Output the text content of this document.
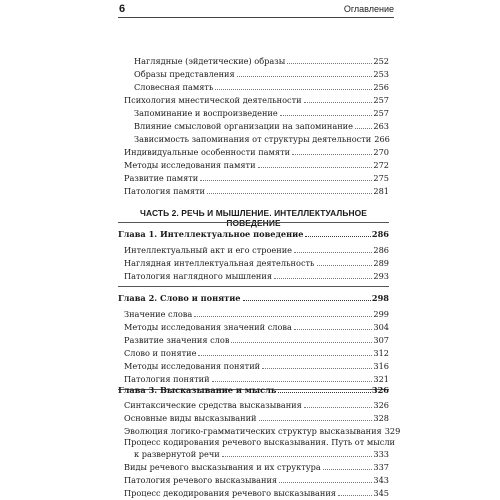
6	Оглавление
Наглядные (эйдетические) образы	252
Образы представления	253
Словесная память	256
Психология мнестической деятельности	257
Запоминание и воспроизведение	257
Влияние смысловой организации на запоминание 263
Зависимость запоминания от структуры деятельности 266
Индивидуальные особенности памяти	270
Методы исследования памяти	272
Развитие памяти	275
Патология памяти	281
ЧАСТЬ 2. РЕЧЬ И МЫШЛЕНИЕ. ИНТЕЛЛЕКТУАЛЬНОЕ ПОВЕДЕНИЕ
Глава 1. Интеллектуальное поведение	286
Интеллектуальный акт и его строение	286
Наглядная интеллектуальная деятельность	289
Патология наглядного мышления	293
Глава 2. Слово и понятие	298
Значение слова	299
Методы исследования значений слова	304
Развитие значения слов	307
Слово и понятие	312
Методы исследования понятий	316
Патология понятий	321
Глава 3. Высказывание и мысль	326
Синтаксические средства высказывания	326
Основные виды высказываний	328
Эволюция логико-грамматических структур высказывания 329
Процесс кодирования речевого высказывания. Путь от мысли
к развернутой речи	333
Виды речевого высказывания и их структура	337
Патология речевого высказывания	343
Процесс декодирования речевого высказывания	345
